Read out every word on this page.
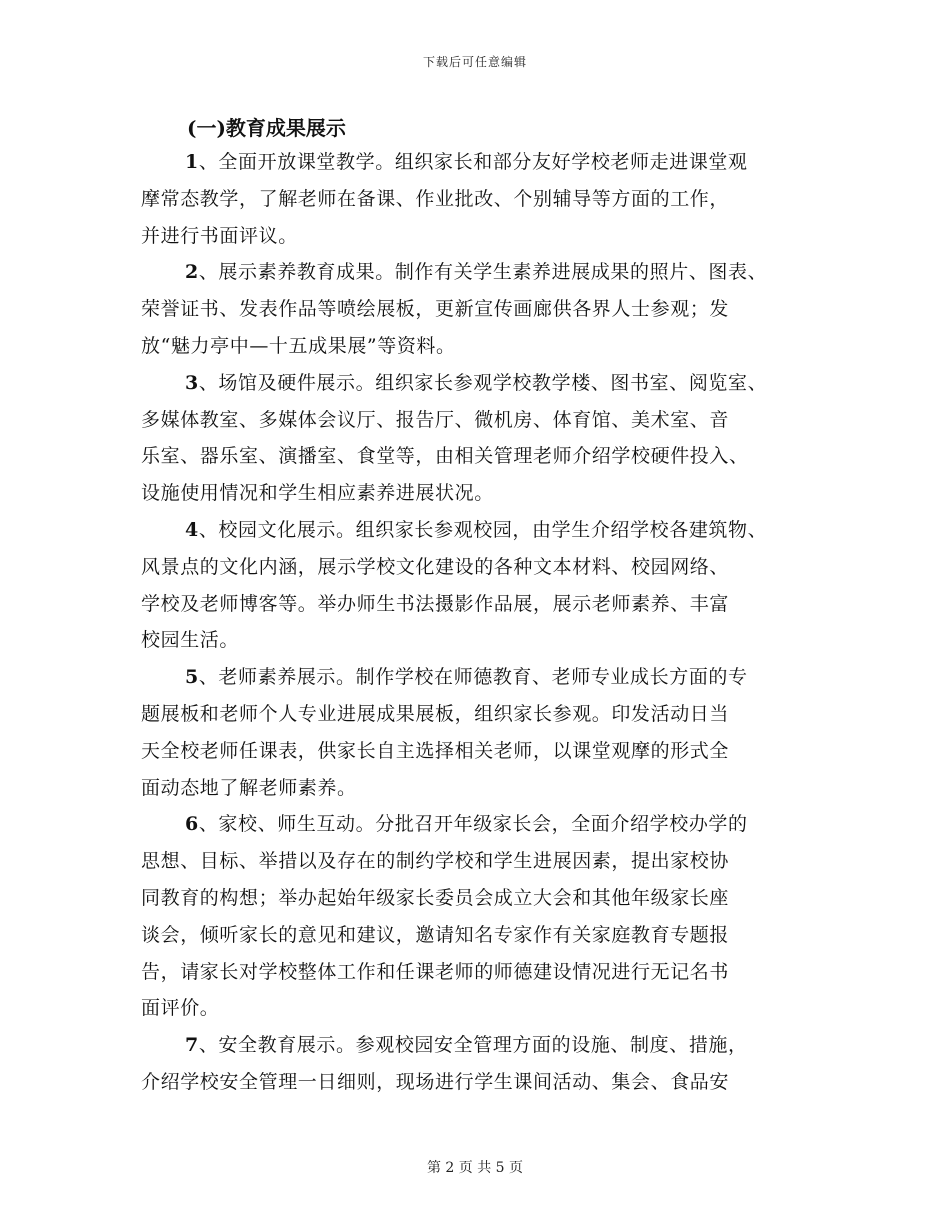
下载后可任意编辑
(一)教育成果展示
1、全面开放课堂教学。组织家长和部分友好学校老师走进课堂观
摩常态教学，了解老师在备课、作业批改、个别辅导等方面的工作，
并进行书面评议。
2、展示素养教育成果。制作有关学生素养进展成果的照片、图表、
荣誉证书、发表作品等喷绘展板，更新宣传画廊供各界人士参观；发
放“魅力亭中—十五成果展”等资料。
3、场馆及硬件展示。组织家长参观学校教学楼、图书室、阅览室、
多媒体教室、多媒体会议厅、报告厅、微机房、体育馆、美术室、音
乐室、器乐室、演播室、食堂等，由相关管理老师介绍学校硬件投入、
设施使用情况和学生相应素养进展状况。
4、校园文化展示。组织家长参观校园，由学生介绍学校各建筑物、
风景点的文化内涵，展示学校文化建设的各种文本材料、校园网络、
学校及老师博客等。举办师生书法摄影作品展，展示老师素养、丰富
校园生活。
5、老师素养展示。制作学校在师德教育、老师专业成长方面的专
题展板和老师个人专业进展成果展板，组织家长参观。印发活动日当
天全校老师任课表，供家长自主选择相关老师，以课堂观摩的形式全
面动态地了解老师素养。
6、家校、师生互动。分批召开年级家长会，全面介绍学校办学的
思想、目标、举措以及存在的制约学校和学生进展因素，提出家校协
同教育的构想；举办起始年级家长委员会成立大会和其他年级家长座
谈会，倾听家长的意见和建议，邀请知名专家作有关家庭教育专题报
告，请家长对学校整体工作和任课老师的师德建设情况进行无记名书
面评价。
7、安全教育展示。参观校园安全管理方面的设施、制度、措施，
介绍学校安全管理一日细则，现场进行学生课间活动、集会、食品安
第 2 页 共 5 页
